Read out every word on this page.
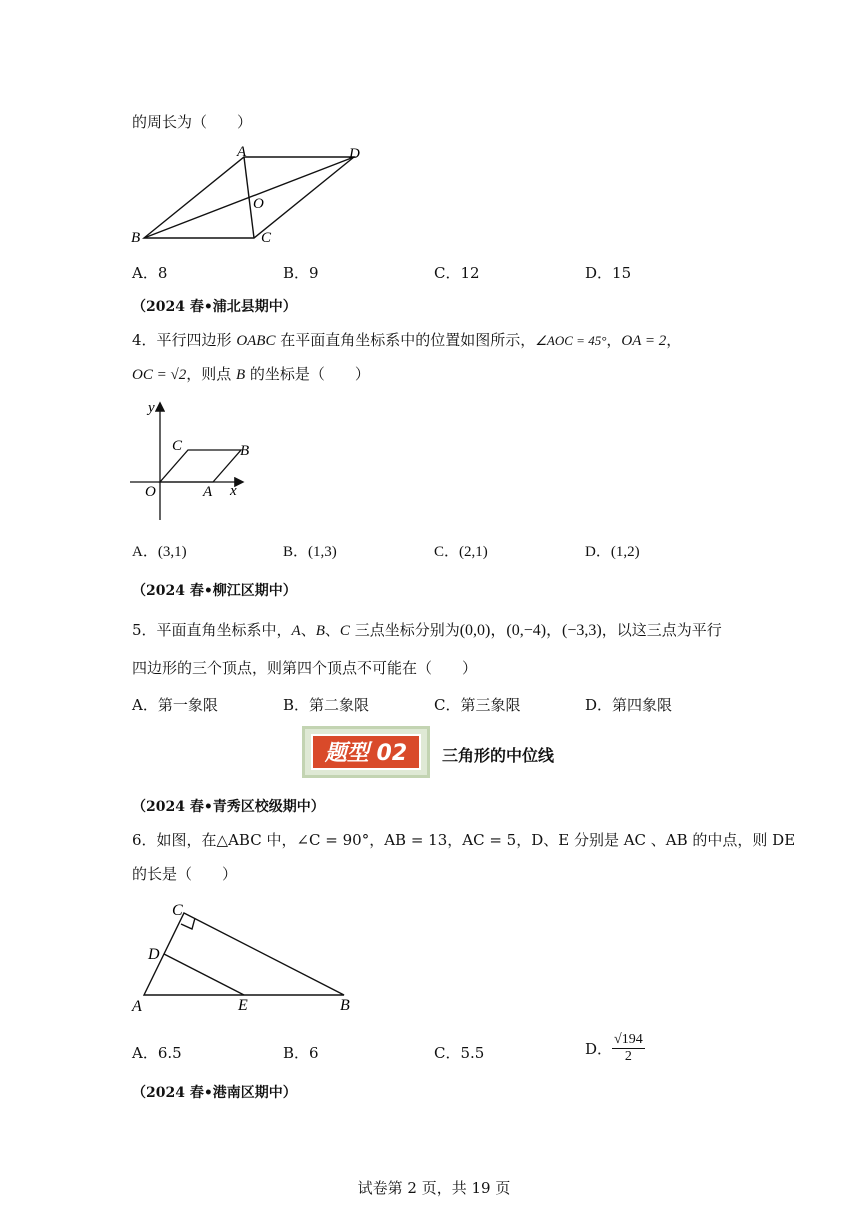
的周长为（　　）
A	D
O
B	C
A．8	B．9	C．12	D．15
（2024 春•浦北县期中）
4．平行四边形 OABC 在平面直角坐标系中的位置如图所示，∠AOC = 45°，OA = 2，
OC = √2，则点 B 的坐标是（　　）
y
x
O	A
B
C
A．(3,1)	B．(1,3)	C．(2,1)	D．(1,2)
（2024 春•柳江区期中）
5．平面直角坐标系中，A、B、C 三点坐标分别为(0,0)，(0,−4)，(−3,3)，以这三点为平行
四边形的三个顶点，则第四个顶点不可能在（　　）
A．第一象限	B．第二象限	C．第三象限	D．第四象限
题型 02	三角形的中位线
（2024 春•青秀区校级期中）
6．如图，在△ABC 中，∠C = 90°，AB = 13，AC = 5，D、E 分别是 AC 、AB 的中点，则 DE
的长是（　　）
C
D
A	E	B
A．6.5	B．6	C．5.5	D． $\frac{√194}{2}$
（2024 春•港南区期中）
试卷第 2 页，共 19 页
